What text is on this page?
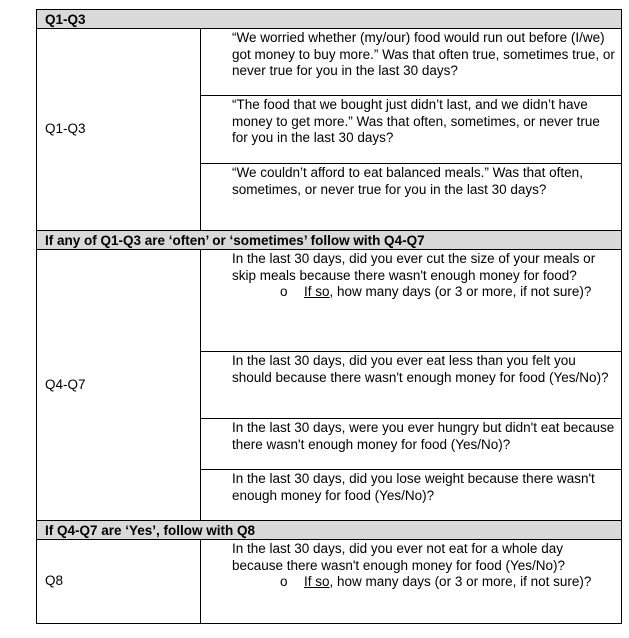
Q1-Q3	
Q1-Q3	“We worried whether (my/our) food would run out before (I/we) got money to buy more.” Was that often true, sometimes true, or never true for you in the last 30 days?
	“The food that we bought just didn’t last, and we didn’t have money to get more.” Was that often, sometimes, or never true for you in the last 30 days?
	“We couldn’t afford to eat balanced meals.” Was that often, sometimes, or never true for you in the last 30 days?
If any of Q1-Q3 are ‘often’ or ‘sometimes’ follow with Q4-Q7	
Q4-Q7	In the last 30 days, did you ever cut the size of your meals or skip meals because there wasn't enough money for food?
o If so, how many days (or 3 or more, if not sure)?

	In the last 30 days, did you ever eat less than you felt you should because there wasn't enough money for food (Yes/No)?
	In the last 30 days, were you ever hungry but didn't eat because there wasn't enough money for food (Yes/No)?
	In the last 30 days, did you lose weight because there wasn't enough money for food (Yes/No)?
If Q4-Q7 are ‘Yes’, follow with Q8	
Q8	In the last 30 days, did you ever not eat for a whole day because there wasn't enough money for food (Yes/No)?
o If so, how many days (or 3 or more, if not sure)?
